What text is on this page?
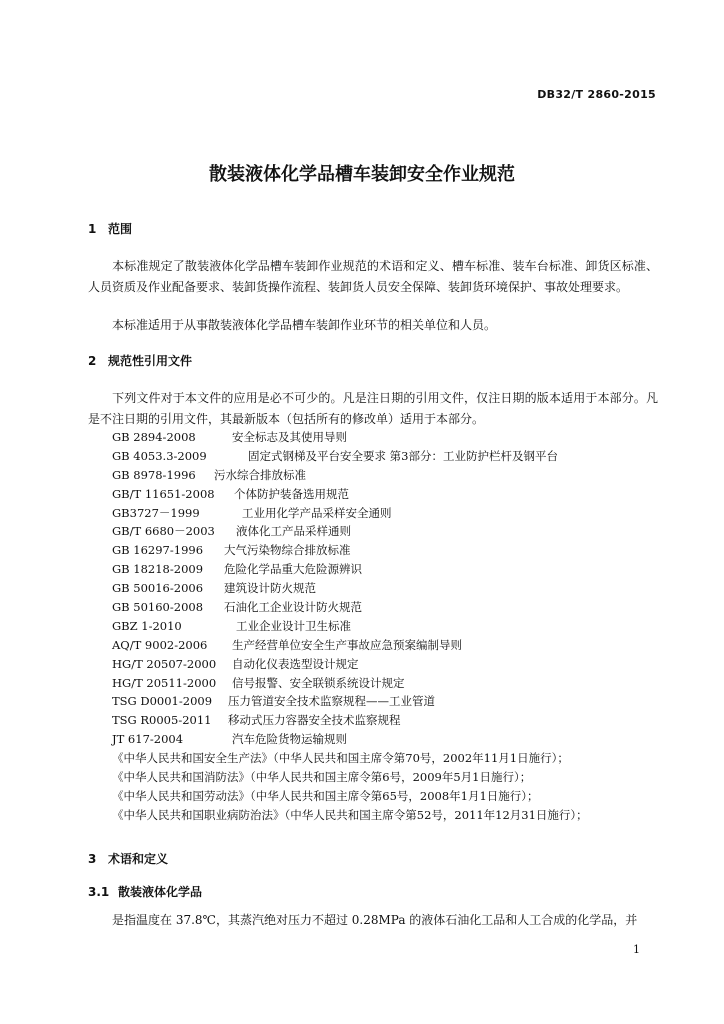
DB32/T 2860-2015
散装液体化学品槽车装卸安全作业规范
1 范围
本标准规定了散装液体化学品槽车装卸作业规范的术语和定义、槽车标准、装车台标准、卸货区标准、人员资质及作业配备要求、装卸货操作流程、装卸货人员安全保障、装卸货环境保护、事故处理要求。
本标准适用于从事散装液体化学品槽车装卸作业环节的相关单位和人员。
2 规范性引用文件
下列文件对于本文件的应用是必不可少的。凡是注日期的引用文件，仅注日期的版本适用于本部分。凡是不注日期的引用文件，其最新版本（包括所有的修改单）适用于本部分。
GB 2894-2008	安全标志及其使用导则
GB 4053.3-2009	固定式钢梯及平台安全要求 第3部分：工业防护栏杆及钢平台
GB 8978-1996 污水综合排放标准
GB/T 11651-2008 个体防护装备选用规范
GB3727－1999	工业用化学产品采样安全通则
GB/T 6680－2003 液体化工产品采样通则
GB 16297-1996 大气污染物综合排放标准
GB 18218-2009 危险化学品重大危险源辨识
GB 50016-2006 建筑设计防火规范
GB 50160-2008 石油化工企业设计防火规范
GBZ 1-2010	工业企业设计卫生标准
AQ/T 9002-2006 生产经营单位安全生产事故应急预案编制导则
HG/T 20507-2000 自动化仪表选型设计规定
HG/T 20511-2000 信号报警、安全联锁系统设计规定
TSG D0001-2009 压力管道安全技术监察规程——工业管道
TSG R0005-2011 移动式压力容器安全技术监察规程
JT 617-2004	汽车危险货物运输规则
《中华人民共和国安全生产法》（中华人民共和国主席令第70号，2002年11月1日施行）；
《中华人民共和国消防法》（中华人民共和国主席令第6号，2009年5月1日施行）；
《中华人民共和国劳动法》（中华人民共和国主席令第65号，2008年1月1日施行）；
《中华人民共和国职业病防治法》（中华人民共和国主席令第52号，2011年12月31日施行）；
3 术语和定义
3.1 散装液体化学品
是指温度在 37.8℃，其蒸汽绝对压力不超过 0.28MPa 的液体石油化工品和人工合成的化学品，并
1
